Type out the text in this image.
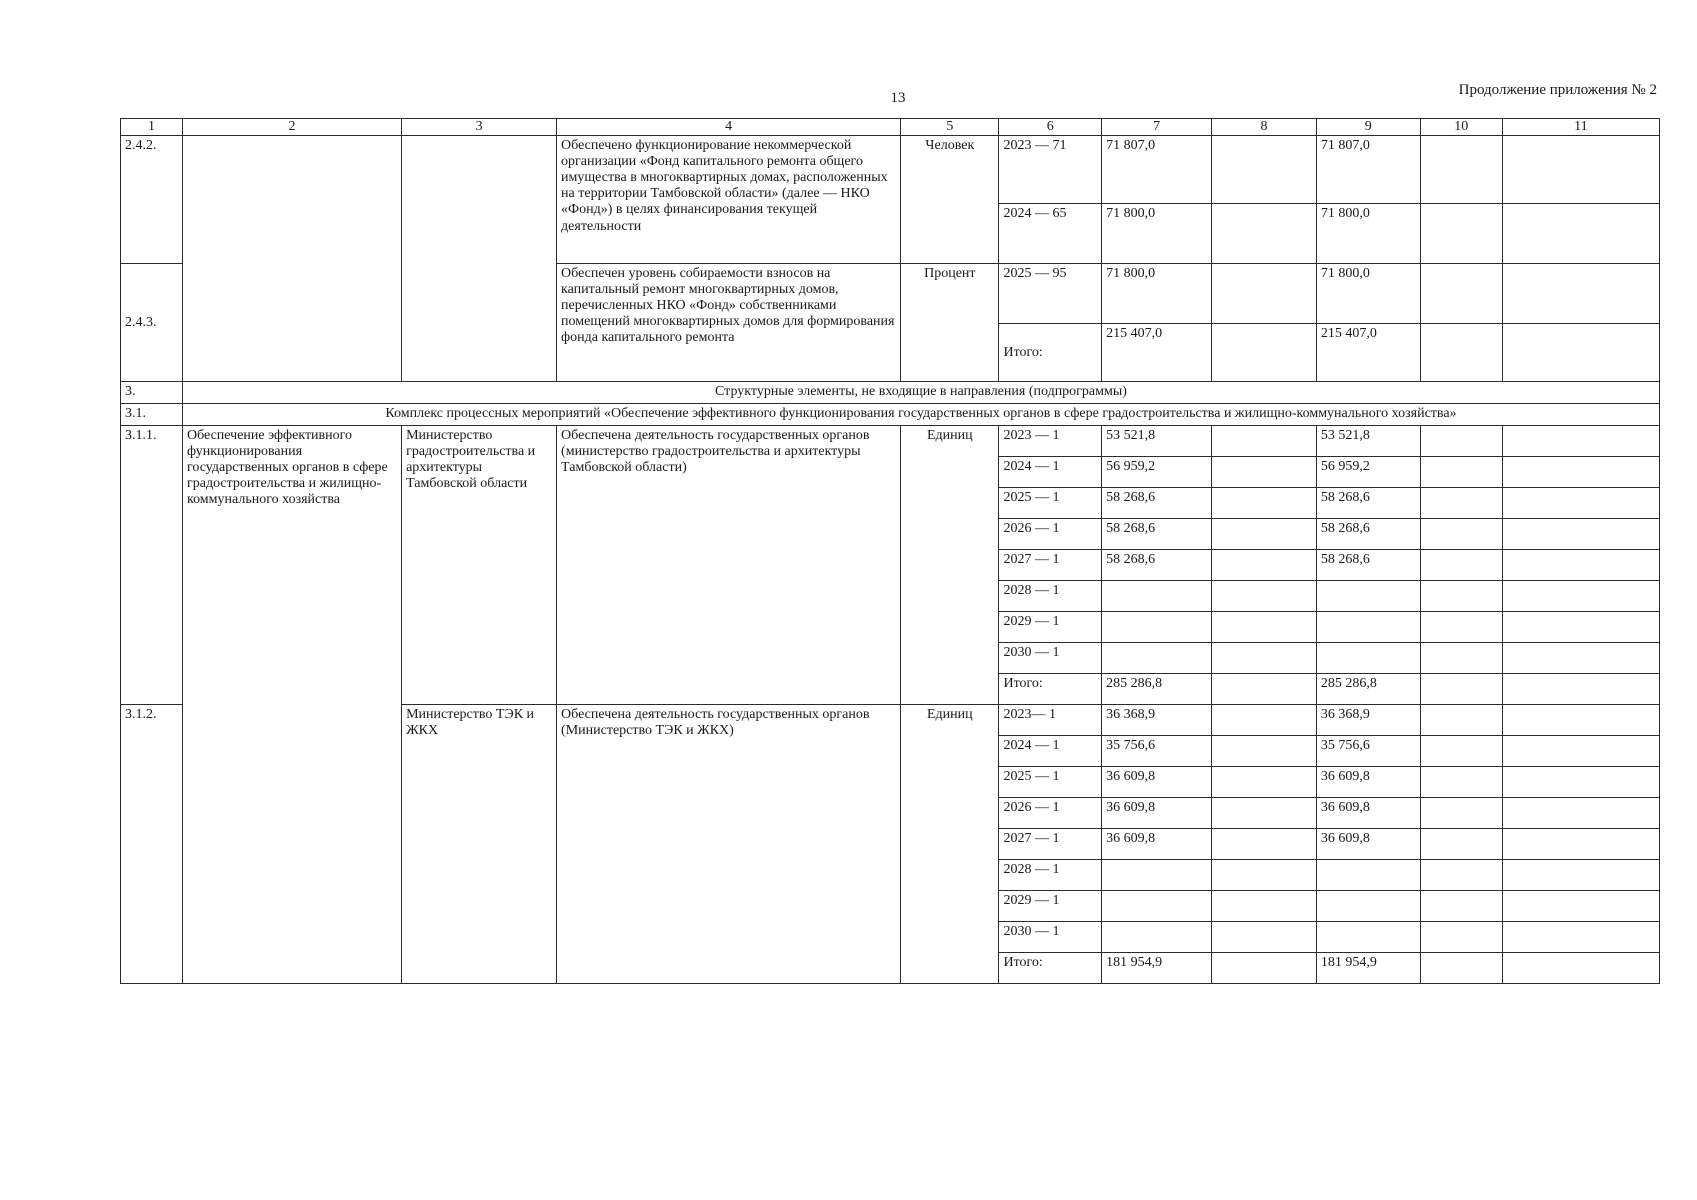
13	Продолжение приложения № 2
1	2	3	4	5	6	7	8	9	10	11
2.4.2.			Обеспечено функционирование некоммерческой организации «Фонд капитального ремонта общего имущества в многоквартирных домах, расположенных на территории Тамбовской области» (далее — НКО «Фонд») в целях финансирования текущей деятельности	Человек	2023 — 71	71 807,0		71 807,0		
					2024 — 65	71 800,0		71 800,0		
2.4.3.			Обеспечен уровень собираемости взносов на капитальный ремонт многоквартирных домов, перечисленных НКО «Фонд» собственниками помещений многоквартирных домов для формирования фонда капитального ремонта	Процент	2025 — 95	71 800,0		71 800,0		
					Итого:	215 407,0		215 407,0		
3.	Структурные элементы, не входящие в направления (подпрограммы)									
3.1.	Комплекс процессных мероприятий «Обеспечение эффективного функционирования государственных органов в сфере градостроительства и жилищно-коммунального хозяйства»									
3.1.1.	Обеспечение эффективного функционирования государственных органов в сфере градостроительства и жилищно-коммунального хозяйства	Министерство градостроительства и архитектуры Тамбовской области	Обеспечена деятельность государственных органов (министерство градостроительства и архитектуры Тамбовской области)	Единиц	2023 — 1	53 521,8		53 521,8		
					2024 — 1	56 959,2		56 959,2		
					2025 — 1	58 268,6		58 268,6		
					2026 — 1	58 268,6		58 268,6		
					2027 — 1	58 268,6		58 268,6		
					2028 — 1					
					2029 — 1					
					2030 — 1					
					Итого:	285 286,8		285 286,8		
3.1.2.		Министерство ТЭК и ЖКХ	Обеспечена деятельность государственных органов (Министерство ТЭК и ЖКХ)	Единиц	2023— 1	36 368,9		36 368,9		
					2024 — 1	35 756,6		35 756,6		
					2025 — 1	36 609,8		36 609,8		
					2026 — 1	36 609,8		36 609,8		
					2027 — 1	36 609,8		36 609,8		
					2028 — 1					
					2029 — 1					
					2030 — 1					
					Итого:	181 954,9		181 954,9		
